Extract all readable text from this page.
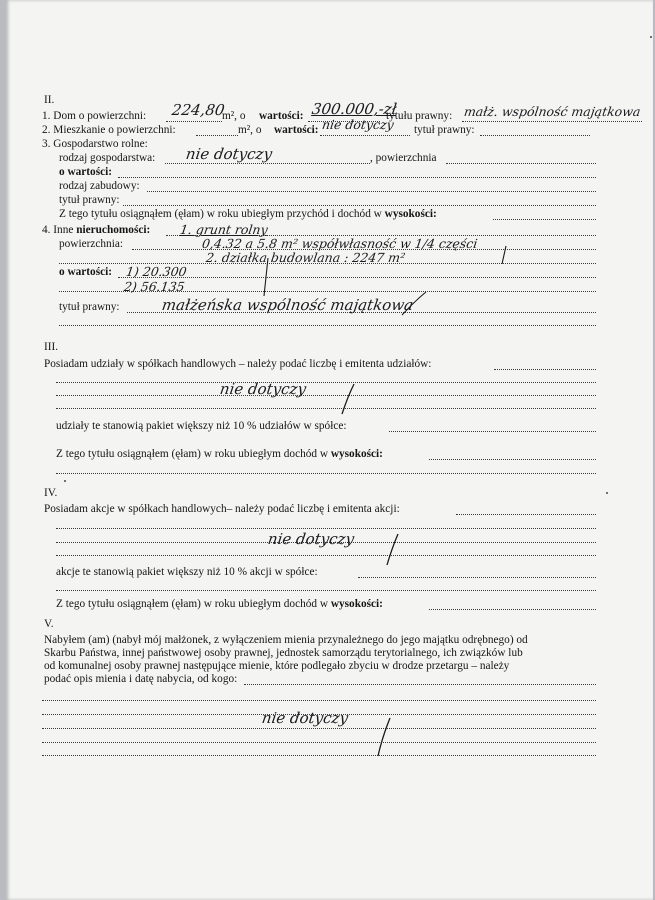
II.
1. Dom o powierzchni: 224,80
m², o wartości: 300.000,-zł
tytułu prawny: małż. wspólność majątkowa
2. Mieszkanie o powierzchni:	m², o wartości: nie dotyczy tytuł prawny:
3. Gospodarstwo rolne:
rodzaj gospodarstwa: nie dotyczy	, powierzchnia
o wartości:
rodzaj zabudowy:
tytuł prawny:
Z tego tytułu osiągnąłem (ęłam) w roku ubiegłym przychód i dochód w wysokości:
4. Inne nieruchomości: 1. grunt rolny
powierzchnia:	0,4.32 a 5.8 m² współwłasność w 1/4 części
2. działka budowlana : 2247 m²
o wartości: 1) 20.300
2) 56.135
tytuł prawny:	małżeńska wspólność majątkowa
III.
Posiadam udziały w spółkach handlowych – należy podać liczbę i emitenta udziałów:
nie dotyczy
udziały te stanowią pakiet większy niż 10 % udziałów w spółce:
Z tego tytułu osiągnąłem (ęłam) w roku ubiegłym dochód w wysokości:
IV.
Posiadam akcje w spółkach handlowych– należy podać liczbę i emitenta akcji:
nie dotyczy
akcje te stanowią pakiet większy niż 10 % akcji w spółce:
Z tego tytułu osiągnąłem (ęłam) w roku ubiegłym dochód w wysokości:
V.
Nabyłem (am) (nabył mój małżonek, z wyłączeniem mienia przynależnego do jego majątku odrębnego) od
Skarbu Państwa, innej państwowej osoby prawnej, jednostek samorządu terytorialnego, ich związków lub
od komunalnej osoby prawnej następujące mienie, które podlegało zbyciu w drodze przetargu – należy
podać opis mienia i datę nabycia, od kogo:
nie dotyczy
